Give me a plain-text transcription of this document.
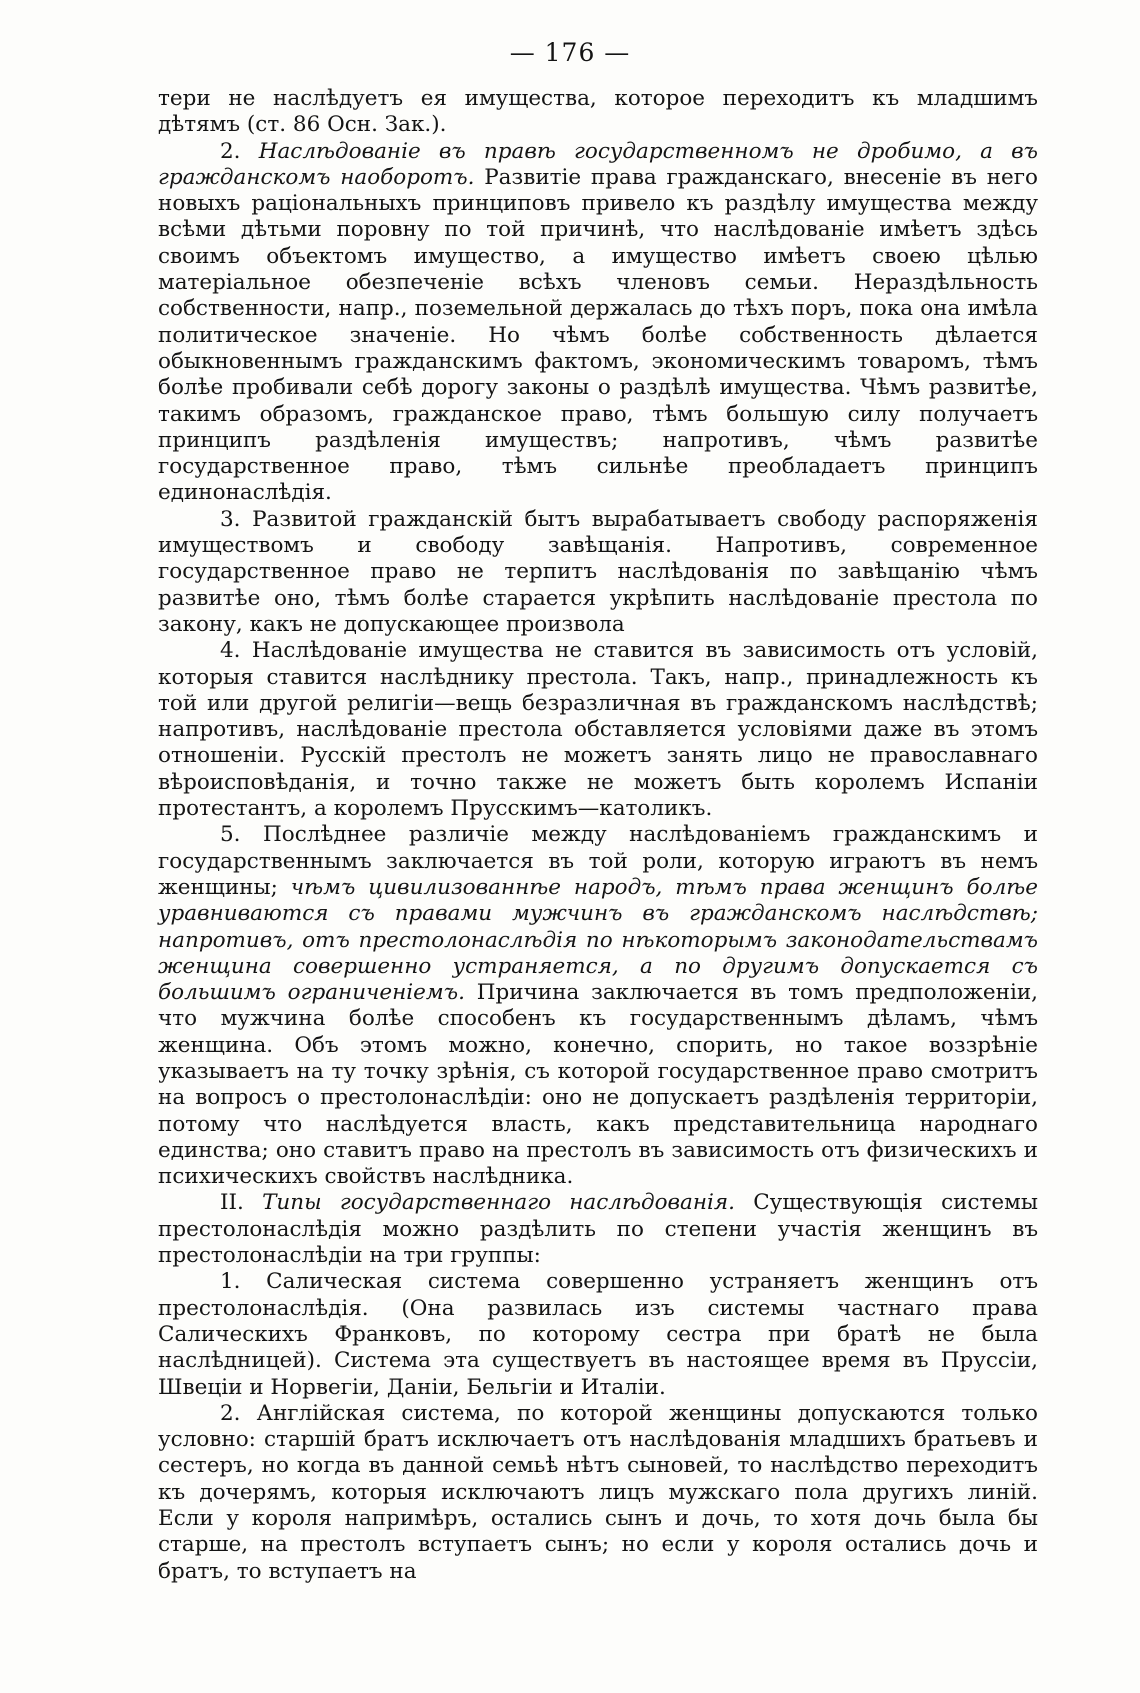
— 176 —

тери не наслѣдуетъ ея имущества, которое переходитъ къ младшимъ дѣтямъ (ст. 86 Осн. Зак.).

2. Наслѣдованіе въ правѣ государственномъ не дробимо, а въ гражданскомъ наоборотъ. Развитіе права гражданскаго, внесеніе въ него новыхъ раціональныхъ принциповъ привело къ раздѣлу имущества между всѣми дѣтьми поровну по той причинѣ, что наслѣдованіе имѣетъ здѣсь своимъ объектомъ имущество, а имущество имѣетъ своею цѣлью матеріальное обезпеченіе всѣхъ членовъ семьи. Нераздѣльность собственности, напр., поземельной держалась до тѣхъ поръ, пока она имѣла политическое значеніе. Но чѣмъ болѣе собственность дѣлается обыкновеннымъ гражданскимъ фактомъ, экономическимъ товаромъ, тѣмъ болѣе пробивали себѣ дорогу законы о раздѣлѣ имущества. Чѣмъ развитѣе, такимъ образомъ, гражданское право, тѣмъ большую силу получаетъ принципъ раздѣленія имуществъ; напротивъ, чѣмъ развитѣе государственное право, тѣмъ сильнѣе преобладаетъ принципъ единонаслѣдія.

3. Развитой гражданскій бытъ вырабатываетъ свободу распоряженія имуществомъ и свободу завѣщанія. Напротивъ, современное государственное право не терпитъ наслѣдованія по завѣщанію чѣмъ развитѣе оно, тѣмъ болѣе старается укрѣпить наслѣдованіе престола по закону, какъ не допускающее произвола

4. Наслѣдованіе имущества не ставится въ зависимость отъ условій, которыя ставится наслѣднику престола. Такъ, напр., принадлежность къ той или другой религіи—вещь безразличная въ гражданскомъ наслѣдствѣ; напротивъ, наслѣдованіе престола обставляется условіями даже въ этомъ отношеніи. Русскій престолъ не можетъ занять лицо не православнаго вѣроисповѣданія, и точно также не можетъ быть королемъ Испаніи протестантъ, а королемъ Прусскимъ—католикъ.

5. Послѣднее различіе между наслѣдованіемъ гражданскимъ и государственнымъ заключается въ той роли, которую играютъ въ немъ женщины; чѣмъ цивилизованнѣе народъ, тѣмъ права женщинъ болѣе уравниваются съ правами мужчинъ въ гражданскомъ наслѣдствѣ; напротивъ, отъ престолонаслѣдія по нѣкоторымъ законодательствамъ женщина совершенно устраняется, а по другимъ допускается съ большимъ ограниченіемъ. Причина заключается въ томъ предположеніи, что мужчина болѣе способенъ къ государственнымъ дѣламъ, чѣмъ женщина. Объ этомъ можно, конечно, спорить, но такое воззрѣніе указываетъ на ту точку зрѣнія, съ которой государственное право смотритъ на вопросъ о престолонаслѣдіи: оно не допускаетъ раздѣленія территоріи, потому что наслѣдуется власть, какъ представительница народнаго единства; оно ставитъ право на престолъ въ зависимость отъ физическихъ и психическихъ свойствъ наслѣдника.

II. Типы государственнаго наслѣдованія. Существующія системы престолонаслѣдія можно раздѣлить по степени участія женщинъ въ престолонаслѣдіи на три группы:

1. Салическая система совершенно устраняетъ женщинъ отъ престолонаслѣдія. (Она развилась изъ системы частнаго права Салическихъ Франковъ, по которому сестра при братѣ не была наслѣдницей). Система эта существуетъ въ настоящее время въ Пруссіи, Швеціи и Норвегіи, Даніи, Бельгіи и Италіи.

2. Англійская система, по которой женщины допускаются только условно: старшій братъ исключаетъ отъ наслѣдованія младшихъ братьевъ и сестеръ, но когда въ данной семьѣ нѣтъ сыновей, то наслѣдство переходитъ къ дочерямъ, которыя исключаютъ лицъ мужскаго пола другихъ линій. Если у короля напримѣръ, остались сынъ и дочь, то хотя дочь была бы старше, на престолъ вступаетъ сынъ; но если у короля остались дочь и братъ, то вступаетъ на
